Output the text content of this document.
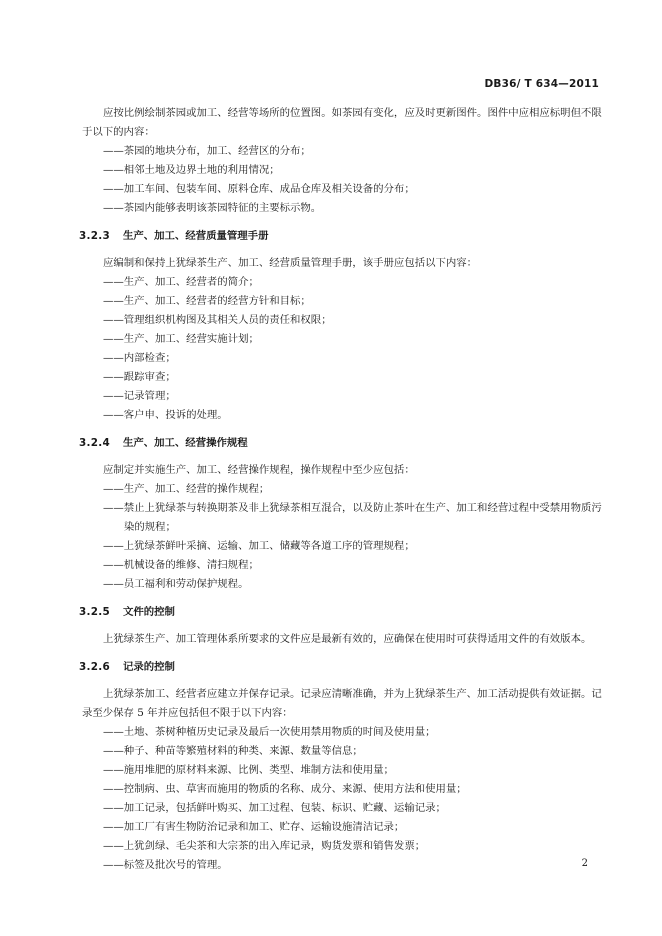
DB36/ T 634—2011

应按比例绘制茶园或加工、经营等场所的位置图。如茶园有变化，应及时更新图件。图件中应相应标明但不限于以下的内容：

——茶园的地块分布，加工、经营区的分布；

——相邻土地及边界土地的利用情况；

——加工车间、包装车间、原料仓库、成品仓库及相关设备的分布；

——茶园内能够表明该茶园特征的主要标示物。

3.2.3 生产、加工、经营质量管理手册

应编制和保持上犹绿茶生产、加工、经营质量管理手册，该手册应包括以下内容：

——生产、加工、经营者的简介；

——生产、加工、经营者的经营方针和目标；

——管理组织机构图及其相关人员的责任和权限；

——生产、加工、经营实施计划；

——内部检查；

——跟踪审查；

——记录管理；

——客户申、投诉的处理。

3.2.4 生产、加工、经营操作规程

应制定并实施生产、加工、经营操作规程，操作规程中至少应包括：

——生产、加工、经营的操作规程；

——禁止上犹绿茶与转换期茶及非上犹绿茶相互混合，以及防止茶叶在生产、加工和经营过程中受禁用物质污染的规程；

——上犹绿茶鲜叶采摘、运输、加工、储藏等各道工序的管理规程；

——机械设备的维修、清扫规程；

——员工福利和劳动保护规程。

3.2.5 文件的控制

上犹绿茶生产、加工管理体系所要求的文件应是最新有效的，应确保在使用时可获得适用文件的有效版本。

3.2.6 记录的控制

上犹绿茶加工、经营者应建立并保存记录。记录应清晰准确，并为上犹绿茶生产、加工活动提供有效证据。记录至少保存 5 年并应包括但不限于以下内容：

——土地、茶树种植历史记录及最后一次使用禁用物质的时间及使用量；

——种子、种苗等繁殖材料的种类、来源、数量等信息；

——施用堆肥的原材料来源、比例、类型、堆制方法和使用量；

——控制病、虫、草害而施用的物质的名称、成分、来源、使用方法和使用量；

——加工记录，包括鲜叶购买、加工过程、包装、标识、贮藏、运输记录；

——加工厂有害生物防治记录和加工、贮存、运输设施清洁记录；

——上犹剑绿、毛尖茶和大宗茶的出入库记录，购货发票和销售发票；

——标签及批次号的管理。	2
